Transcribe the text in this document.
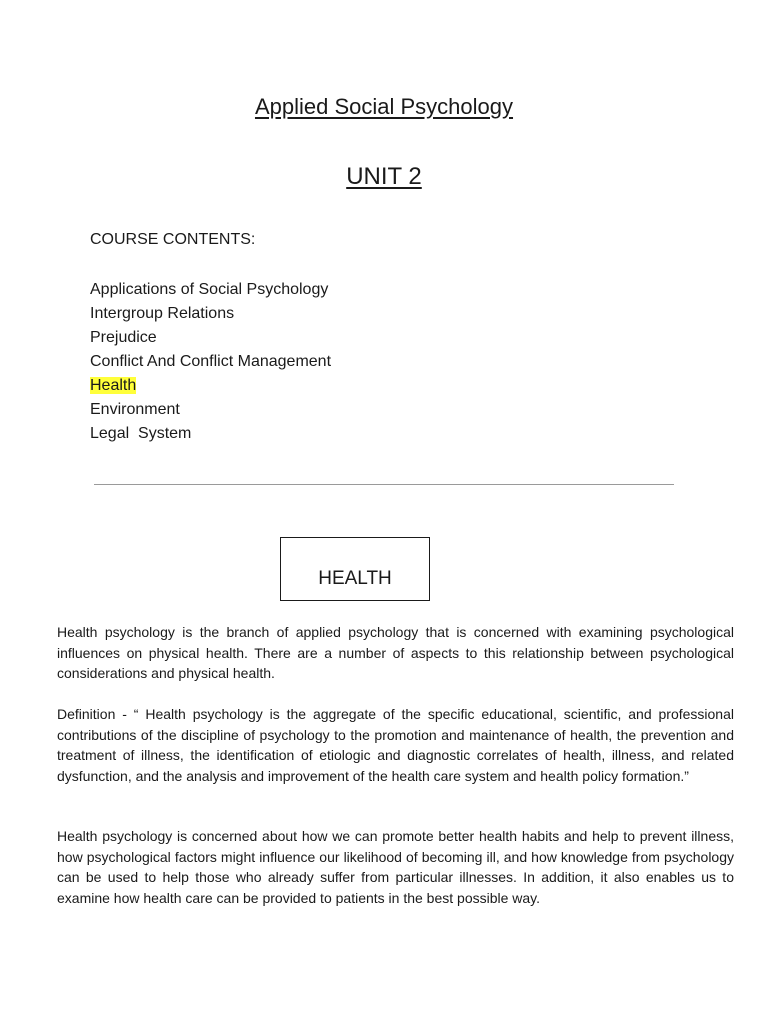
Applied Social Psychology
UNIT 2

COURSE CONTENTS:

Applications of Social Psychology
Intergroup Relations
Prejudice
Conflict And Conflict Management
Health
Environment
Legal  System
HEALTH

Health psychology is the branch of applied psychology that is concerned with examining psychological influences on physical health. There are a number of aspects to this relationship between psychological considerations and physical health.

Definition - “ Health psychology is the aggregate of the specific educational, scientific, and professional contributions of the discipline of psychology to the promotion and maintenance of health, the prevention and treatment of illness, the identification of etiologic and diagnostic correlates of health, illness, and related dysfunction, and the analysis and improvement of the health care system and health policy formation.”

Health psychology is concerned about how we can promote better health habits and help to prevent illness, how psychological factors might influence our likelihood of becoming ill, and how knowledge from psychology can be used to help those who already suffer from particular illnesses. In addition, it also enables us to examine how health care can be provided to patients in the best possible way.
